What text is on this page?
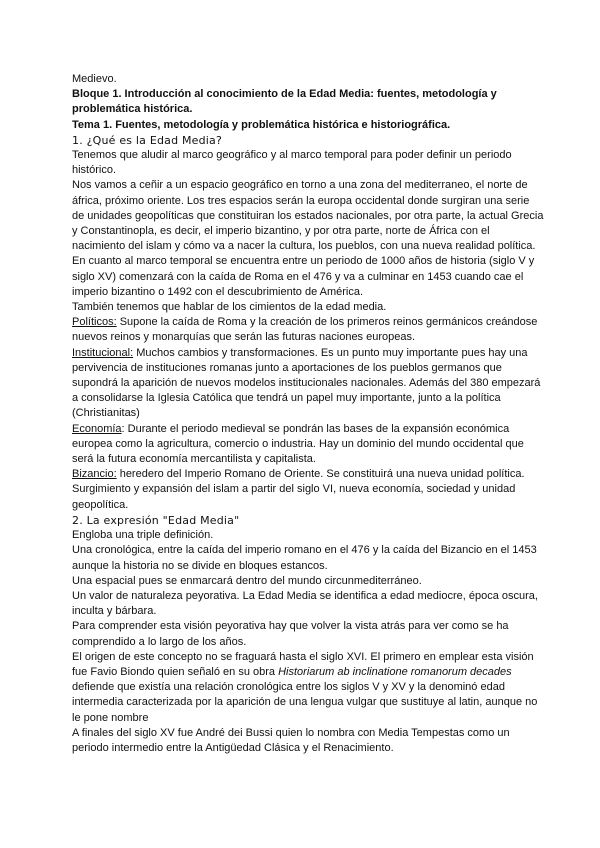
Medievo.

Bloque 1. Introducción al conocimiento de la Edad Media: fuentes, metodología y problemática histórica.

Tema 1. Fuentes, metodología y problemática histórica e historiográfica.

1. ¿Qué es la Edad Media?

Tenemos que aludir al marco geográfico y al marco temporal para poder definir un periodo histórico.

Nos vamos a ceñir a un espacio geográfico en torno a una zona del mediterraneo, el norte de áfrica, próximo oriente. Los tres espacios serán la europa occidental donde surgiran una serie de unidades geopolíticas que constituiran los estados nacionales, por otra parte, la actual Grecia y Constantinopla, es decir, el imperio bizantino, y por otra parte, norte de África con el nacimiento del islam y cómo va a nacer la cultura, los pueblos, con una nueva realidad política.

En cuanto al marco temporal se encuentra entre un periodo de 1000 años de historia (siglo V y siglo XV) comenzará con la caída de Roma en el 476 y va a culminar en 1453 cuando cae el imperio bizantino o 1492 con el descubrimiento de América.

También tenemos que hablar de los cimientos de la edad media.

Políticos: Supone la caída de Roma y la creación de los primeros reinos germánicos creándose nuevos reinos y monarquías que serán las futuras naciones europeas.

Institucional: Muchos cambios y transformaciones. Es un punto muy importante pues hay una pervivencia de instituciones romanas junto a aportaciones de los pueblos germanos que supondrá la aparición de nuevos modelos institucionales nacionales. Además del 380 empezará a consolidarse la Iglesia Católica que tendrá un papel muy importante, junto a la política (Christianitas)

Economía: Durante el periodo medieval se pondrán las bases de la expansión económica europea como la agricultura, comercio o industria. Hay un dominio del mundo occidental que será la futura economía mercantilista y capitalista.

Bizancio: heredero del Imperio Romano de Oriente. Se constituirá una nueva unidad política.

Surgimiento y expansión del islam a partir del siglo VI, nueva economía, sociedad y unidad geopolítica.

2. La expresión "Edad Media"

Engloba una triple definición.

Una cronológica, entre la caída del imperio romano en el 476 y la caída del Bizancio en el 1453 aunque la historia no se divide en bloques estancos.

Una espacial pues se enmarcará dentro del mundo circunmediterráneo.

Un valor de naturaleza peyorativa. La Edad Media se identifica a edad mediocre, época oscura, inculta y bárbara.

Para comprender esta visión peyorativa hay que volver la vista atrás para ver como se ha comprendido a lo largo de los años.

El origen de este concepto no se fraguará hasta el siglo XVI. El primero en emplear esta visión fue Favio Biondo quien señaló en su obra Historiarum ab inclinatione romanorum decades defiende que existía una relación cronológica entre los siglos V y XV y la denominó edad intermedia caracterizada por la aparición de una lengua vulgar que sustituye al latin, aunque no le pone nombre

A finales del siglo XV fue André dei Bussi quien lo nombra con Media Tempestas como un periodo intermedio entre la Antigüedad Clásica y el Renacimiento.
